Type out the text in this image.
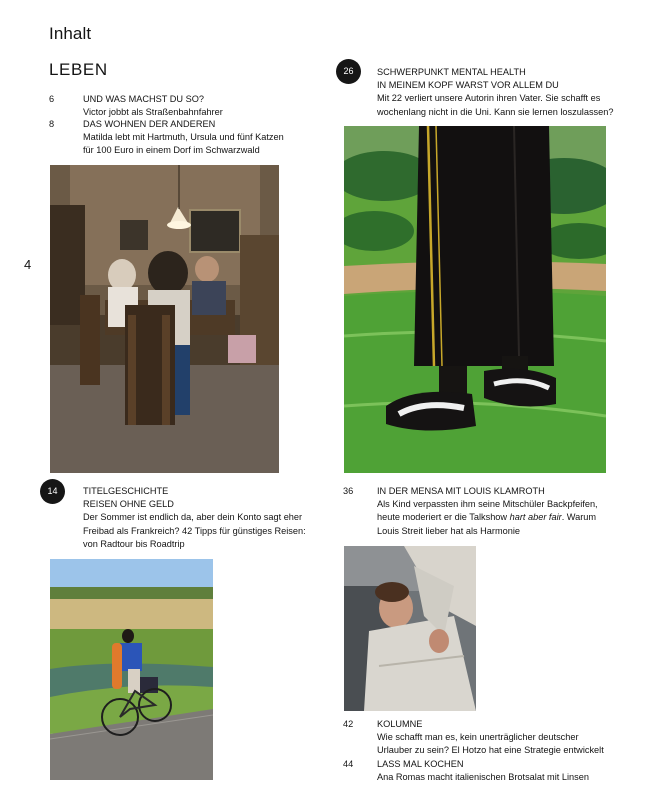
Inhalt
LEBEN
4
6	UND WAS MACHST DU SO?
Victor jobbt als Straßenbahnfahrer
8	DAS WOHNEN DER ANDEREN
Matilda lebt mit Hartmuth, Ursula und fünf Katzen
für 100 Euro in einem Dorf im Schwarzwald
14	TITELGESCHICHTE
REISEN OHNE GELD
Der Sommer ist endlich da, aber dein Konto sagt eher
Freibad als Frankreich? 42 Tipps für günstiges Reisen:
von Radtour bis Roadtrip
26	SCHWERPUNKT MENTAL HEALTH
IN MEINEM KOPF WARST VOR ALLEM DU
Mit 22 verliert unsere Autorin ihren Vater. Sie schafft es
wochenlang nicht in die Uni. Kann sie lernen loszulassen?
36	IN DER MENSA MIT LOUIS KLAMROTH
Als Kind verpassten ihm seine Mitschüler Backpfeifen,
heute moderiert er die Talkshow hart aber fair. Warum
Louis Streit lieber hat als Harmonie
42	KOLUMNE
Wie schafft man es, kein unerträglicher deutscher
Urlauber zu sein? El Hotzo hat eine Strategie entwickelt
44	LASS MAL KOCHEN
Ana Romas macht italienischen Brotsalat mit Linsen
